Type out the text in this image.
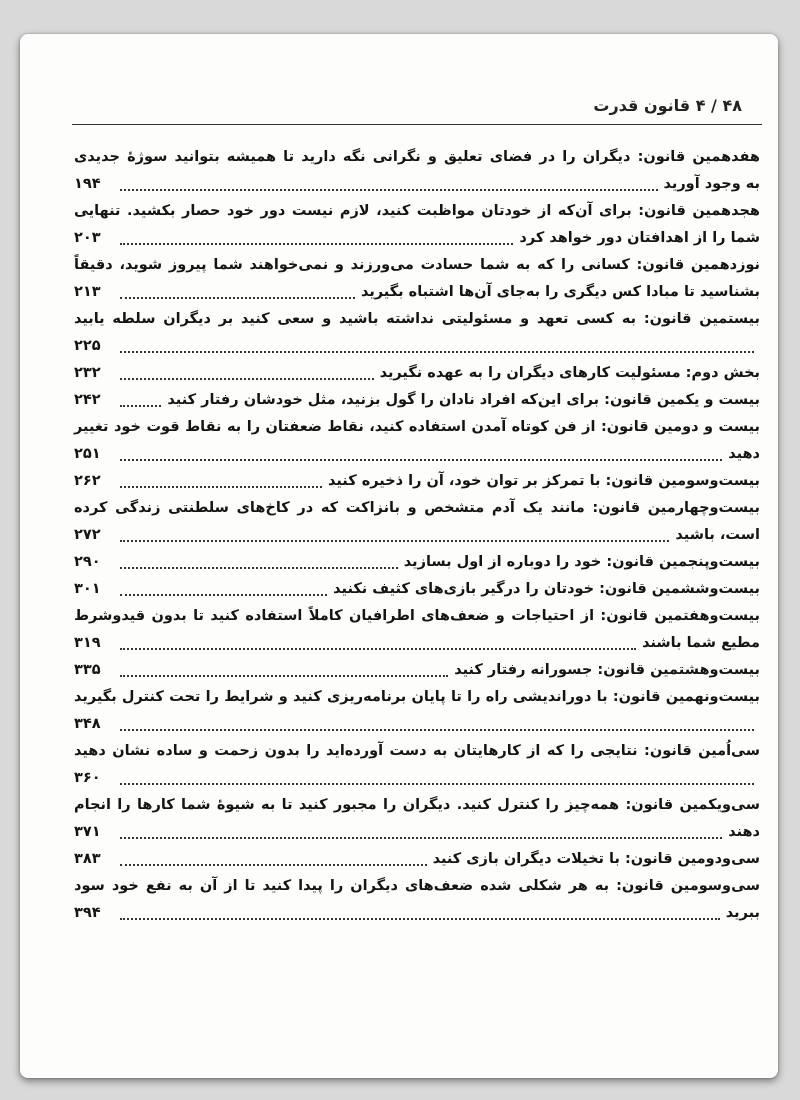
۴۸ / ۴ قانون قدرت
هفدهمین قانون: دیگران را در فضای تعلیق و نگرانی نگه دارید تا همیشه بتوانید سوژهٔ جدیدی
به وجود آورید
۱۹۴
هجدهمین قانون: برای آن‌که از خودتان مواظبت کنید، لازم نیست دور خود حصار بکشید. تنهایی
شما را از اهدافتان دور خواهد کرد
۲۰۳
نوزدهمین قانون: کسانی را که به شما حسادت می‌ورزند و نمی‌خواهند شما پیروز شوید، دقیقاً
بشناسید تا مبادا کس دیگری را به‌جای آن‌ها اشتباه بگیرید
۲۱۳
بیستمین قانون: به کسی تعهد و مسئولیتی نداشته باشید و سعی کنید بر دیگران سلطه یابید
۲۲۵
بخش دوم: مسئولیت کارهای دیگران را به عهده نگیرید
۲۳۲
بیست و یکمین قانون: برای این‌که افراد نادان را گول بزنید، مثل خودشان رفتار کنید
۲۴۲
بیست و دومین قانون: از فن کوتاه آمدن استفاده کنید، نقاط ضعفتان را به نقاط قوت خود تغییر
دهید
۲۵۱
بیست‌وسومین قانون: با تمرکز بر توان خود، آن را ذخیره کنید
۲۶۲
بیست‌وچهارمین قانون: مانند یک آدم متشخص و بانزاکت که در کاخ‌های سلطنتی زندگی کرده
است، باشید
۲۷۲
بیست‌وپنجمین قانون: خود را دوباره از اول بسازید
۲۹۰
بیست‌وششمین قانون: خودتان را درگیر بازی‌های کثیف نکنید
۳۰۱
بیست‌وهفتمین قانون: از احتیاجات و ضعف‌های اطرافیان کاملاً استفاده کنید تا بدون قیدوشرط
مطیع شما باشند
۳۱۹
بیست‌وهشتمین قانون: جسورانه رفتار کنید
۳۳۵
بیست‌ونهمین قانون: با دوراندیشی راه را تا پایان برنامه‌ریزی کنید و شرایط را تحت کنترل بگیرید
۳۴۸
سی‌اُمین قانون: نتایجی را که از کارهایتان به دست آورده‌اید را بدون زحمت و ساده نشان دهید
۳۶۰
سی‌ویکمین قانون: همه‌چیز را کنترل کنید. دیگران را مجبور کنید تا به شیوهٔ شما کارها را انجام
دهند
۳۷۱
سی‌ودومین قانون: با تخیلات دیگران بازی کنید
۳۸۳
سی‌وسومین قانون: به هر شکلی شده ضعف‌های دیگران را پیدا کنید تا از آن به نفع خود سود
ببرید
۳۹۴
